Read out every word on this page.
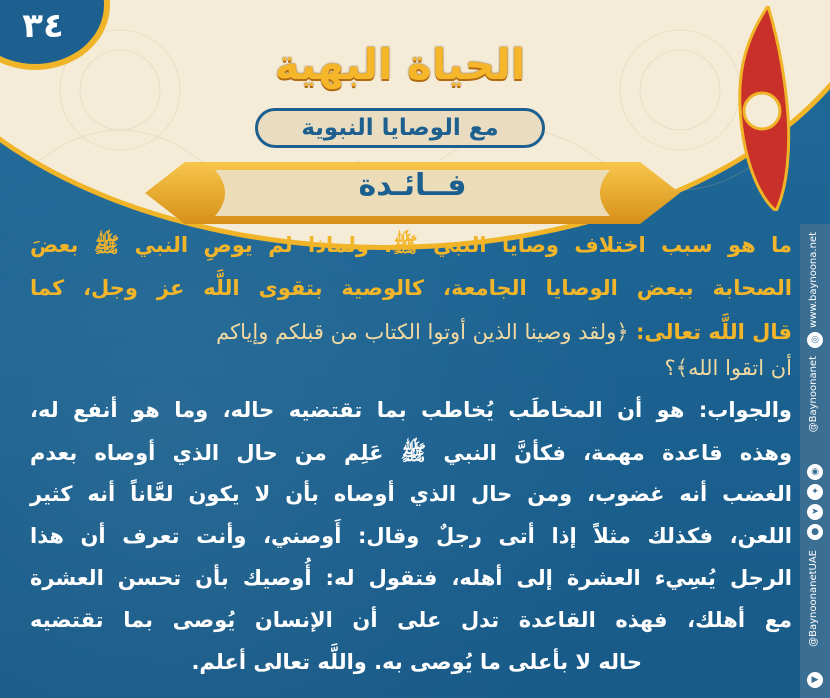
٣٤
الحياة البهية
مع الوصايا النبوية
فــائـدة
www.baynoona.net
◎
@Baynoonanet
◉
✦
➤
●
@BaynoonanetUAE
▶
ما هو سبب اختلاف وصايا النبي ﷺ، ولماذا لم يوصِ النبي ﷺ بعضَ
الصحابة ببعض الوصايا الجامعة، كالوصية بتقوى اللَّه عز وجل، كما
قال اللَّه تعالى: ﴿ولقد وصينا الذين أوتوا الكتاب من قبلكم وإياكم
أن اتقوا الله﴾؟
والجواب: هو أن المخاطَب يُخاطب بما تقتضيه حاله، وما هو أنفع له،
وهذه قاعدة مهمة، فكأنَّ النبي ﷺ عَلِم من حال الذي أوصاه بعدم
الغضب أنه غضوب، ومن حال الذي أوصاه بأن لا يكون لعَّاناً أنه كثير
اللعن، فكذلك مثلاً إذا أتى رجلٌ وقال: أَوصني، وأنت تعرف أن هذا
الرجل يُسِيء العشرة إلى أهله، فتقول له: أُوصيك بأن تحسن العشرة
مع أهلك، فهذه القاعدة تدل على أن الإنسان يُوصى بما تقتضيه
حاله لا بأعلى ما يُوصى به. واللَّه تعالى أعلم.
